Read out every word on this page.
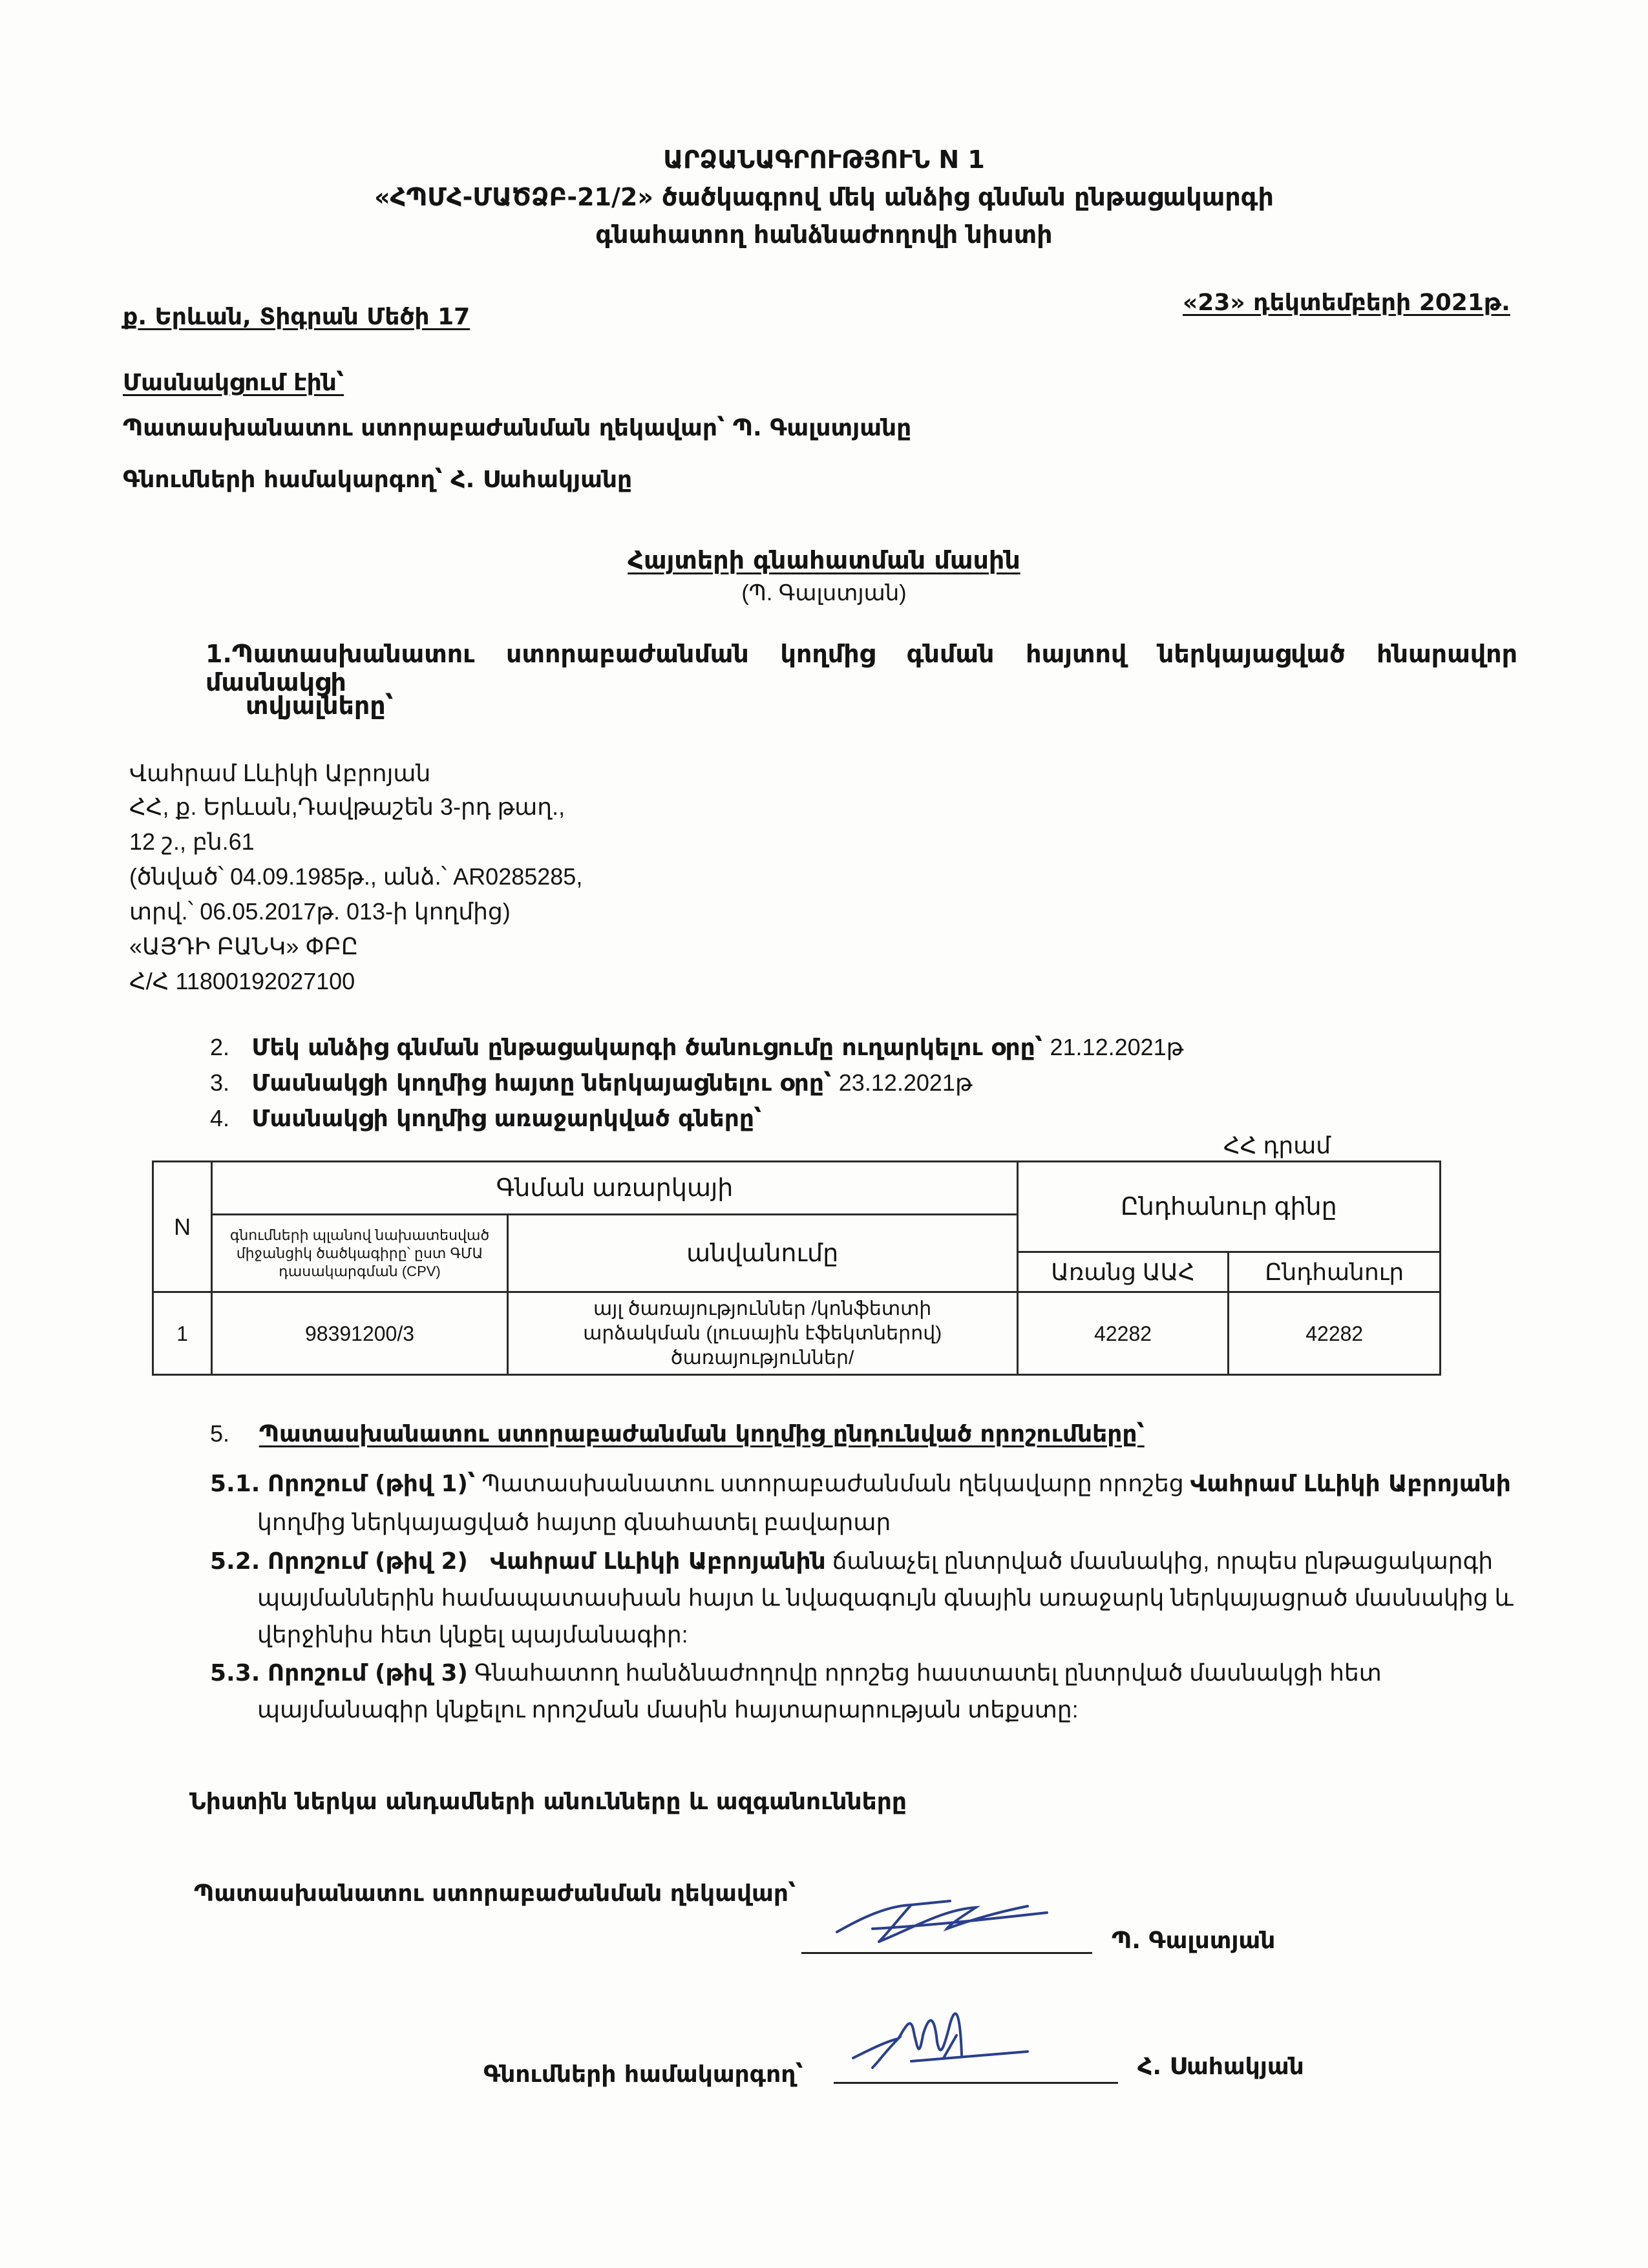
ԱՐՁԱՆԱԳՐՈՒԹՅՈՒՆ N 1
«ՀՊՄՀ-ՄԱԾՁԲ-21/2» ծածկագրով մեկ անձից գնման ընթացակարգի
գնահատող հանձնաժողովի նիստի
ք. Երևան, Տիգրան Մեծի 17
«23» դեկտեմբերի 2021թ.
Մասնակցում էին՝
Պատասխանատու ստորաբաժանման ղեկավար՝ Պ. Գալստյանը
Գնումների համակարգող՝ Հ. Սահակյանը
Հայտերի գնահատման մասին
(Պ. Գալստյան)
1.Պատասխանատու ստորաբաժանման կողմից գնման հայտով ներկայացված հնարավոր մասնակցի
տվյալները՝
Վահրամ Լևիկի Աբրոյան
ՀՀ, ք. Երևան,Դավթաշեն 3-րդ թաղ.,
12 շ., բն.61
(ծնված՝ 04.09.1985թ., անձ.՝ AR0285285,
տրվ.՝ 06.05.2017թ. 013-ի կողմից)
«ԱՅԴԻ ԲԱՆԿ» ՓԲԸ
Հ/Հ 11800192027100
2. Մեկ անձից գնման ընթացակարգի ծանուցումը ուղարկելու օրը՝ 21.12.2021թ
3. Մասնակցի կողմից հայտը ներկայացնելու օրը՝ 23.12.2021թ
4. Մասնակցի կողմից առաջարկված գները՝
ՀՀ դրամ
N	Գնման առարկայի		Ընդհանուր գինը	
	գնումների պլանով նախատեսված միջանցիկ ծածկագիրը՝ ըստ ԳՄԱ դասակարգման (CPV)	անվանումը		
			Առանց ԱԱՀ	Ընդհանուր
1	98391200/3	այլ ծառայություններ /կոնֆետտի արձակման (լուսային էֆեկտներով) ծառայություններ/	42282	42282
5. Պատասխանատու ստորաբաժանման կողմից ընդունված որոշումները՝
5.1. Որոշում (թիվ 1)՝ Պատասխանատու ստորաբաժանման ղեկավարը որոշեց Վահրամ Լևիկի Աբրոյանի
կողմից ներկայացված հայտը գնահատել բավարար
5.2. Որոշում (թիվ 2) Վահրամ Լևիկի Աբրոյանին ճանաչել ընտրված մասնակից, որպես ընթացակարգի
պայմաններին համապատասխան հայտ և նվազագույն գնային առաջարկ ներկայացրած մասնակից և
վերջինիս հետ կնքել պայմանագիր:
5.3. Որոշում (թիվ 3) Գնահատող հանձնաժողովը որոշեց հաստատել ընտրված մասնակցի հետ
պայմանագիր կնքելու որոշման մասին հայտարարության տեքստը:
Նիստին ներկա անդամների անունները և ազգանունները
Պատասխանատու ստորաբաժանման ղեկավար՝
Պ. Գալստյան
Գնումների համակարգող՝	Հ. Սահակյան
